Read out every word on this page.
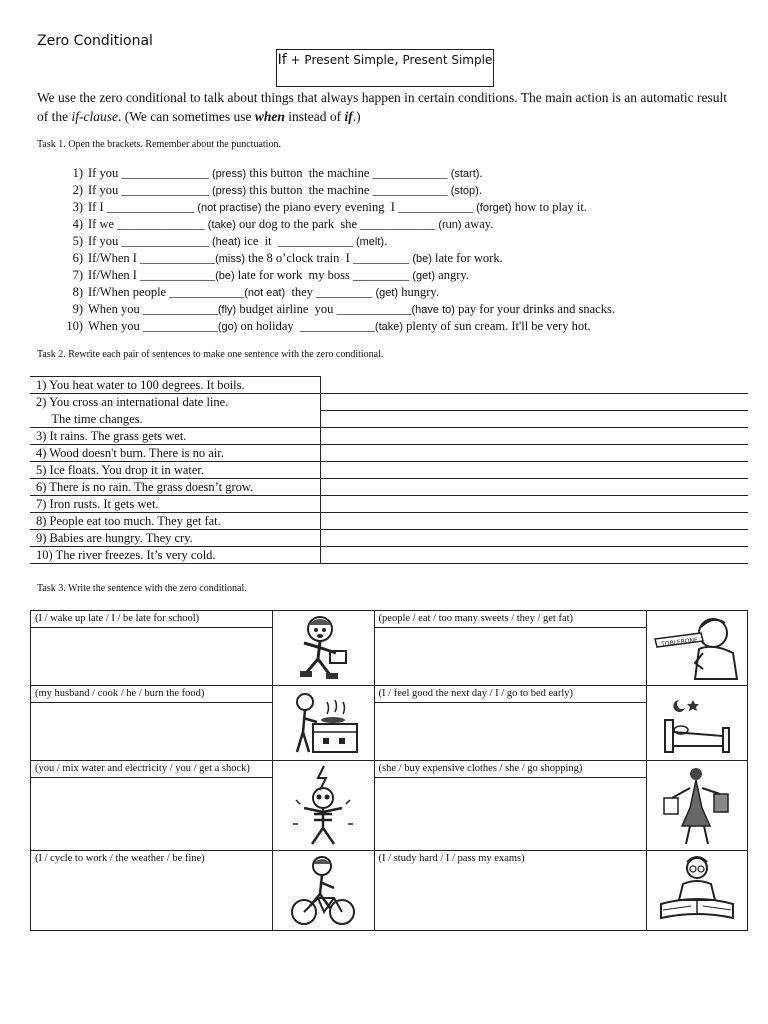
Zero Conditional
If + Present Simple, Present Simple
We use the zero conditional to talk about things that always happen in certain conditions. The main action is an automatic result of the if-clause. (We can sometimes use when instead of if.)
Task 1. Open the brackets. Remember about the punctuation.
1) If you ______________ (press) this button  the machine ____________ (start).
2) If you ______________ (press) this button  the machine ____________ (stop).
3) If I ______________ (not practise) the piano every evening  I ____________ (forget) how to play it.
4) If we ______________ (take) our dog to the park  she ____________ (run) away.
5) If you ______________ (heat) ice  it  ____________ (melt).
6) If/When I ____________(miss) the 8 o’clock train  I _________ (be) late for work.
7) If/When I ____________(be) late for work  my boss _________ (get) angry.
8) If/When people ____________(not eat)  they _________ (get) hungry.
9) When you ____________(fly) budget airline  you ____________(have to) pay for your drinks and snacks.
10) When you ____________(go) on holiday  ____________(take) plenty of sun cream. It'll be very hot.
Task 2. Rewrite each pair of sentences to make one sentence with the zero conditional.
1) You heat water to 100 degrees. It boils.	
2) You cross an international date line.	
The time changes.	
3) It rains. The grass gets wet.	
4) Wood doesn't burn. There is no air.	
5) Ice floats. You drop it in water.	
6) There is no rain. The grass doesn’t grow.	
7) Iron rusts. It gets wet.	
8) People eat too much. They get fat.	
9) Babies are hungry. They cry.	
10) The river freezes. It’s very cold.	
Task 3. Write the sentence with the zero conditional.
(I / wake up late / I / be late for school)		(people / eat / too many sweets / they / get fat)	TOBLERONE

(my husband / cook / he / burn the food)		(I / feel good the next day / I / go to bed early)

(you / mix water and electricity / you / get a shock)		(she / buy expensive clothes / she / go shopping)

(I / cycle to work / the weather / be fine)		(I / study hard / I / pass my exams)
